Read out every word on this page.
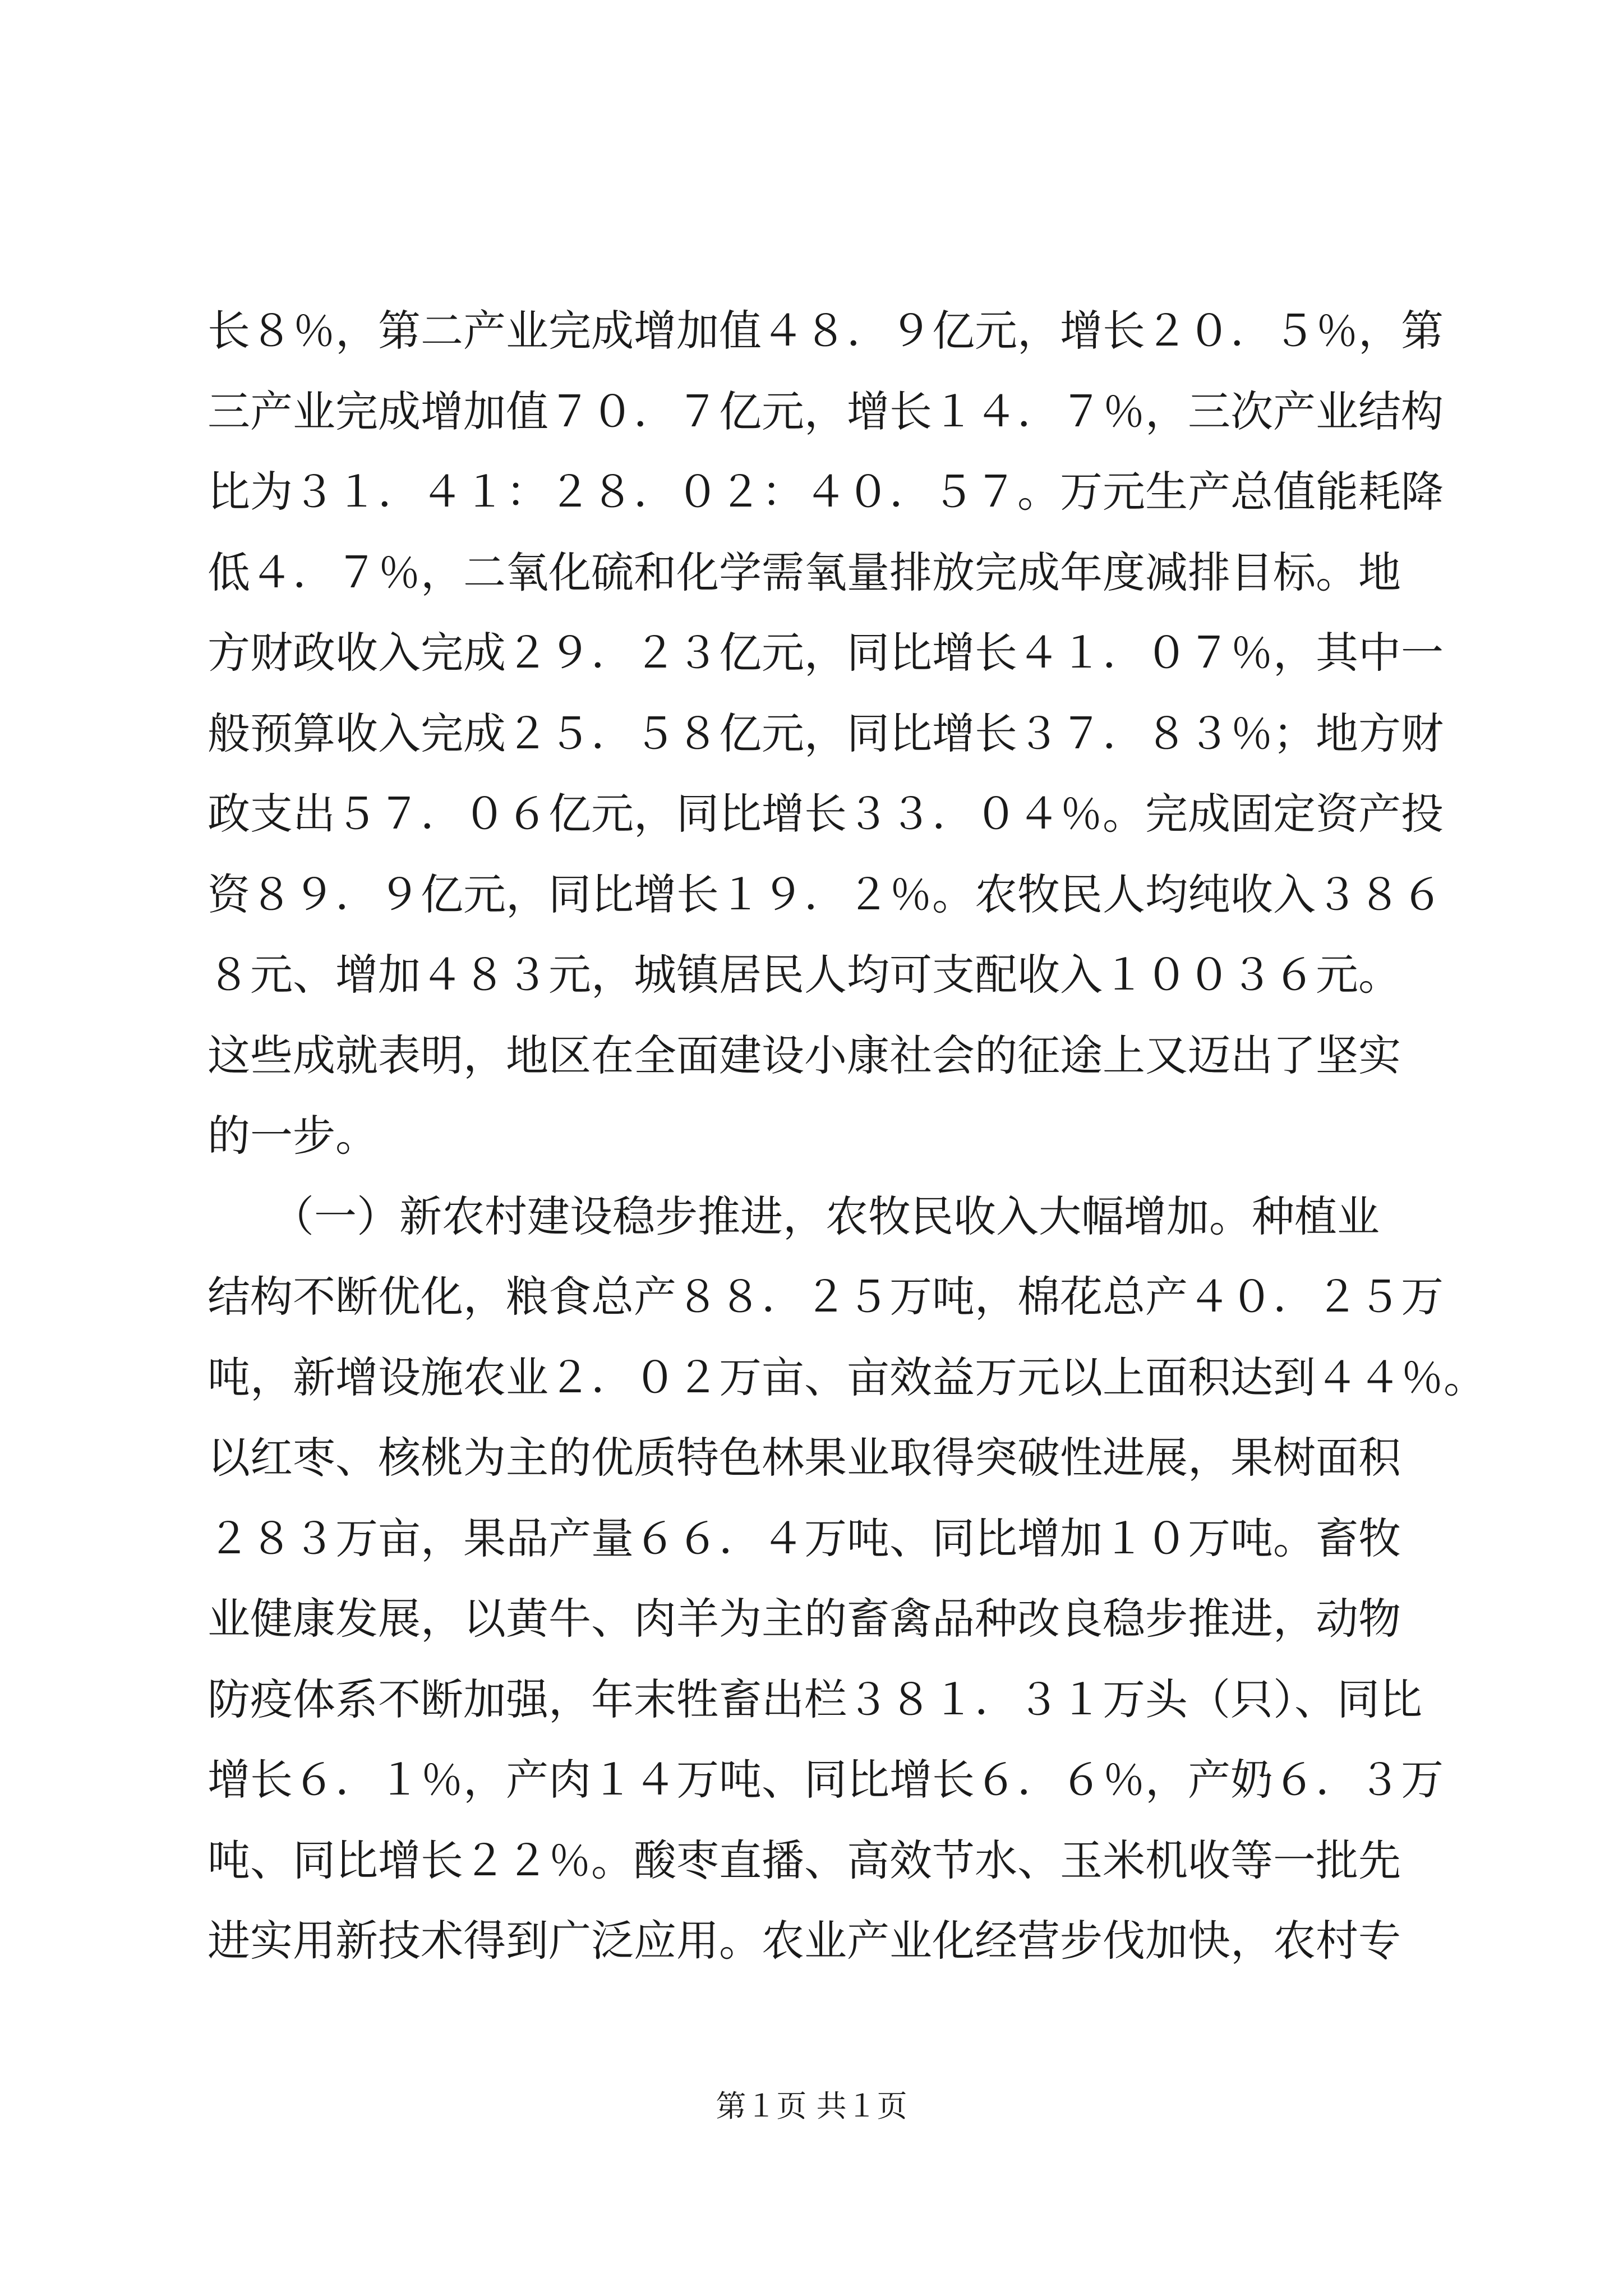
长８％，第二产业完成增加值４８．９亿元，增长２０．５％，第
三产业完成增加值７０．７亿元，增长１４．７％，三次产业结构
比为３１．４１：２８．０２：４０．５７。万元生产总值能耗降
低４．７％，二氧化硫和化学需氧量排放完成年度减排目标。地
方财政收入完成２９．２３亿元，同比增长４１．０７％，其中一
般预算收入完成２５．５８亿元，同比增长３７．８３％；地方财
政支出５７．０６亿元，同比增长３３．０４％。完成固定资产投
资８９．９亿元，同比增长１９．２％。农牧民人均纯收入３８６
８元、增加４８３元，城镇居民人均可支配收入１００３６元。
这些成就表明，地区在全面建设小康社会的征途上又迈出了坚实
的一步。
　　（一）新农村建设稳步推进，农牧民收入大幅增加。种植业
结构不断优化，粮食总产８８．２５万吨，棉花总产４０．２５万
吨，新增设施农业２．０２万亩、亩效益万元以上面积达到４４％。
以红枣、核桃为主的优质特色林果业取得突破性进展，果树面积
２８３万亩，果品产量６６．４万吨、同比增加１０万吨。畜牧
业健康发展，以黄牛、肉羊为主的畜禽品种改良稳步推进，动物
防疫体系不断加强，年末牲畜出栏３８１．３１万头（只）、同比
增长６．１％，产肉１４万吨、同比增长６．６％，产奶６．３万
吨、同比增长２２％。酸枣直播、高效节水、玉米机收等一批先
进实用新技术得到广泛应用。农业产业化经营步伐加快，农村专
第１页 共１页
